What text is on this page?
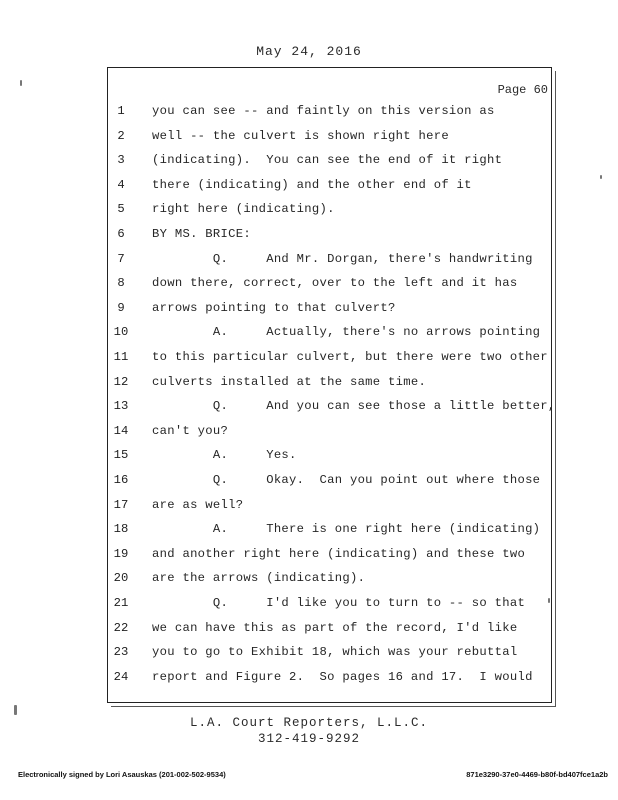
May 24, 2016
Page 60
1	you can see -- and faintly on this version as
2	well -- the culvert is shown right here
3	(indicating).  You can see the end of it right
4	there (indicating) and the other end of it
5	right here (indicating).
6	BY MS. BRICE:
7	Q.     And Mr. Dorgan, there's handwriting
8	down there, correct, over to the left and it has
9	arrows pointing to that culvert?
10	A.     Actually, there's no arrows pointing
11	to this particular culvert, but there were two other
12	culverts installed at the same time.
13	Q.     And you can see those a little better,
14	can't you?
15	A.     Yes.
16	Q.     Okay.  Can you point out where those
17	are as well?
18	A.     There is one right here (indicating)
19	and another right here (indicating) and these two
20	are the arrows (indicating).
21	Q.     I'd like you to turn to -- so that
22	we can have this as part of the record, I'd like
23	you to go to Exhibit 18, which was your rebuttal
24	report and Figure 2.  So pages 16 and 17.  I would
L.A. Court Reporters, L.L.C.
312-419-9292
Electronically signed by Lori Asauskas (201-002-502-9534)	871e3290-37e0-4469-b80f-bd407fce1a2b
